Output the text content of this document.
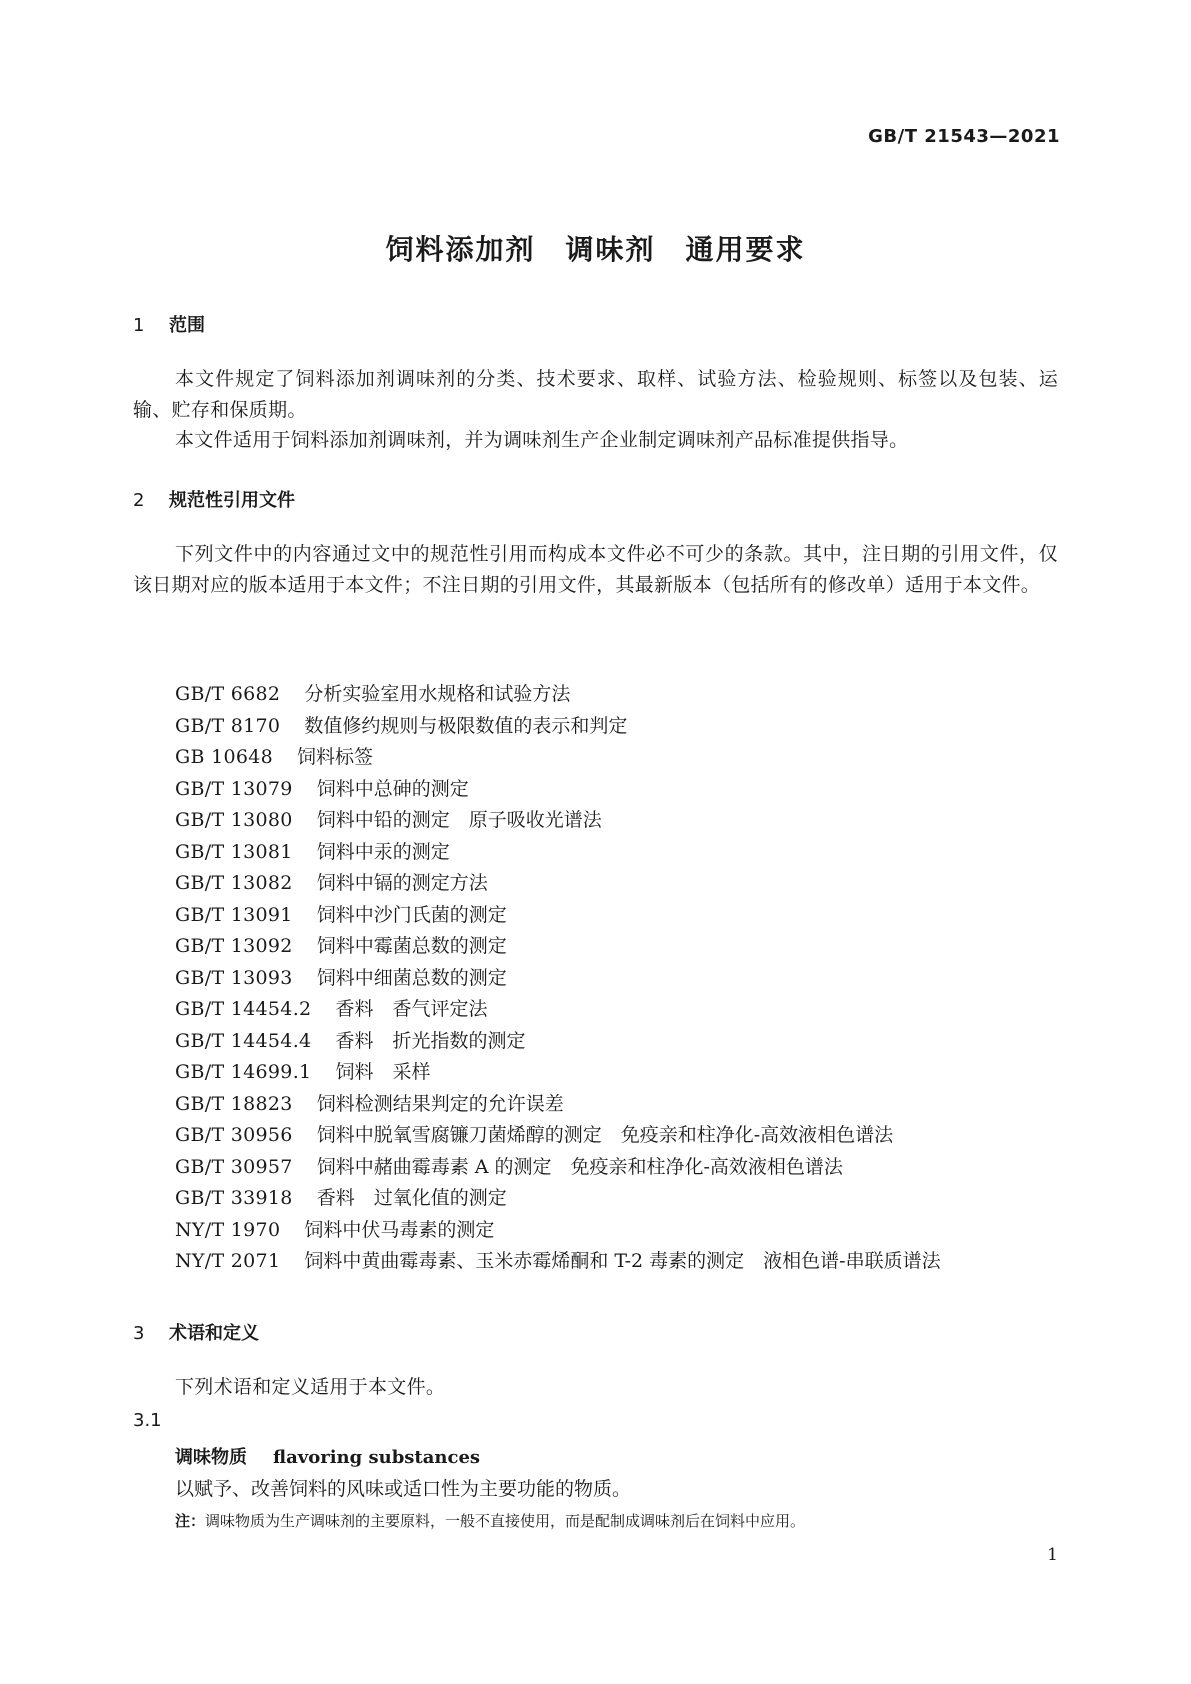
GB/T 21543—2021
饲料添加剂　调味剂　通用要求
1 范围
本文件规定了饲料添加剂调味剂的分类、技术要求、取样、试验方法、检验规则、标签以及包装、运输、贮存和保质期。
本文件适用于饲料添加剂调味剂，并为调味剂生产企业制定调味剂产品标准提供指导。
2 规范性引用文件
下列文件中的内容通过文中的规范性引用而构成本文件必不可少的条款。其中，注日期的引用文件，仅该日期对应的版本适用于本文件；不注日期的引用文件，其最新版本（包括所有的修改单）适用于本文件。
GB/T 6682 分析实验室用水规格和试验方法
GB/T 8170 数值修约规则与极限数值的表示和判定
GB 10648 饲料标签
GB/T 13079 饲料中总砷的测定
GB/T 13080 饲料中铅的测定　原子吸收光谱法
GB/T 13081 饲料中汞的测定
GB/T 13082 饲料中镉的测定方法
GB/T 13091 饲料中沙门氏菌的测定
GB/T 13092 饲料中霉菌总数的测定
GB/T 13093 饲料中细菌总数的测定
GB/T 14454.2 香料　香气评定法
GB/T 14454.4 香料　折光指数的测定
GB/T 14699.1 饲料　采样
GB/T 18823 饲料检测结果判定的允许误差
GB/T 30956 饲料中脱氧雪腐镰刀菌烯醇的测定　免疫亲和柱净化-高效液相色谱法
GB/T 30957 饲料中赭曲霉毒素 A 的测定　免疫亲和柱净化-高效液相色谱法
GB/T 33918 香料　过氧化值的测定
NY/T 1970 饲料中伏马毒素的测定
NY/T 2071 饲料中黄曲霉毒素、玉米赤霉烯酮和 T-2 毒素的测定　液相色谱-串联质谱法
3 术语和定义
下列术语和定义适用于本文件。
3.1
调味物质 flavoring substances
以赋予、改善饲料的风味或适口性为主要功能的物质。
注：调味物质为生产调味剂的主要原料，一般不直接使用，而是配制成调味剂后在饲料中应用。
1
